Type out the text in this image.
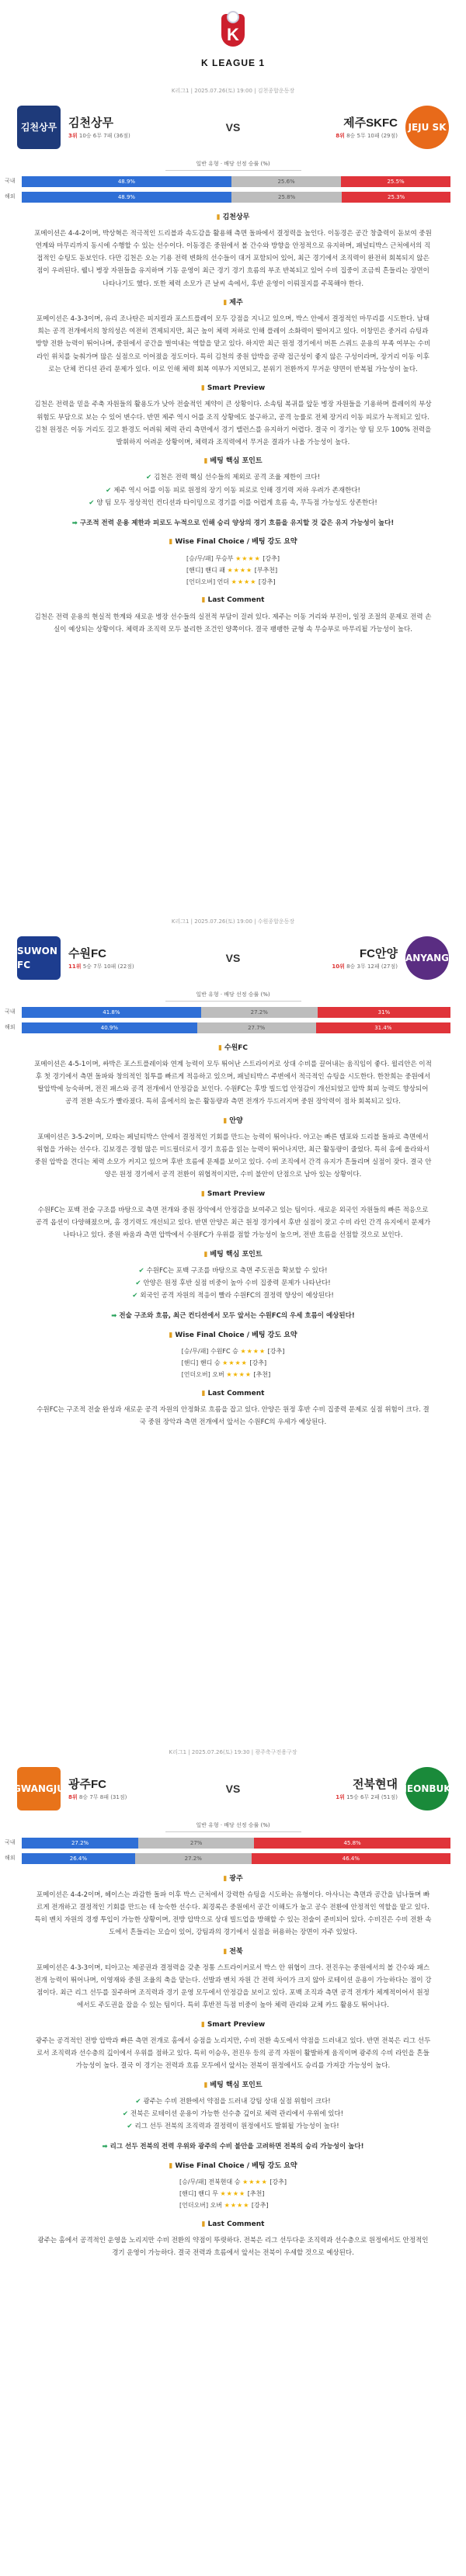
K
K LEAGUE 1
K리그1 | 2025.07.26(토) 19:00 | 김천종합운동장
김천상무 김천상무
3위 10승 6무 7패 (36점)
VS	제주SKFC
8위 8승 5무 10패 (29점)
JEJU SK
일반 유형 · 배당 선정 승률 (%)
국내	48.9%	25.6%	25.5%
해외	48.9%	25.8%	25.3%
▮ 김천상무
포메이션은 4-4-2이며, 박상혁은 적극적인 드리블과 속도감을 활용해 측면 돌파에서 결정력을 높인다. 이동경은 공간 창출력이 돋보여 중원 연계와 마무리까지 동시에 수행할 수 있는 선수이다. 이동경은 중원에서 볼 간수와 방향을 안정적으로 유지하며, 패널티박스 근처에서의 직접적인 슈팅도 돋보인다. 다만 김천은 오는 기용 전력 변화의 선수들이 대거 포함되어 있어, 최근 경기에서 조직력이 완전히 회복되지 않은 점이 우려된다. 웰니 병장 자원들을 유지하며 기동 운영이 최근 경기 경기 흐름의 부조 반복되고 있어 수비 집중이 조금씩 흔들리는 장면이 나타나기도 했다. 또한 체력 소모가 큰 날씨 속에서, 후반 운영이 이뤄질지를 주목해야 한다.
▮ 제주
포메이션은 4-3-3이며, 유리 조나탄은 피지컬과 포스트플레이 모두 강점을 지니고 있으며, 박스 안에서 결정적인 마무리를 시도한다. 남태희는 공격 전개에서의 창의성은 여전히 견제되지만, 최근 높이 체력 저하로 인해 플레이 소화력이 떨어지고 있다. 이창민은 중거리 슈팅과 방향 전환 능력이 뛰어나며, 중원에서 공간을 벌여내는 역할을 맡고 있다. 하지만 최근 원정 경기에서 버튼 스쿼드 운용의 부족 여부는 수비라인 위치를 늦춰가며 많은 실점으로 이어졌을 정도이다. 특히 김천의 중원 압박을 공략 접근성이 좋지 않은 구성이라며, 장거리 이동 이후로는 단체 컨디션 관리 문제가 있다. 이로 인해 체력 회복 여부가 지연되고, 분위기 전환까지 무거운 양면이 반복될 가능성이 높다.
▮ Smart Preview
김천은 전력을 믿을 주축 자원들의 활용도가 낮아 전술적인 제약이 큰 상황이다. 소속팀 복귀를 앞둔 병장 자원들을 기용하며 플레이의 부상 위험도 부담으로 보는 수 있어 변수다. 반면 제주 역시 어를 조직 상황에도 불구하고, 공격 능률로 전체 장거리 이동 피로가 누적되고 있다. 김천 원정은 이동 거리도 길고 환경도 어려워 체력 관리 측면에서 경기 밸런스를 유지하기 어렵다. 결국 이 경기는 양 팀 모두 100% 전력을 발휘하지 어려운 상황이며, 체력과 조직력에서 무거운 결과가 나올 가능성이 높다.
▮ 베팅 핵심 포인트
✔ 김천은 전력 핵심 선수들의 제외로 공격 조율 제한이 크다!
✔ 제주 역시 어를 이동 피로 원정의 장기 이동 피로로 인해 경기력 저하 우려가 존재한다!
✔ 양 팀 모두 정상적인 컨디션과 타이밍으로 경기를 이를 어렵게 흐름 속, 무득점 가능성도 상존한다!
➡ 구조적 전력 운용 제한과 피로도 누적으로 인해 승리 양상의 경기 흐름을 유지할 것 같은 유지 가능성이 높다!
▮ Wise Final Choice / 베팅 강도 요약
[승/무/패] 무승부 ★★★★ [강추]
[핸디] 핸디 패 ★★★★ [부추천]
[언더오버] 언더 ★★★★ [강추]
▮ Last Comment
김천은 전력 운용의 현실적 한계와 새로운 병장 선수들의 실전적 부담이 걸려 있다. 제주는 이동 거리와 부진이, 일정 조절의 문제로 전력 손실이 예상되는 상황이다. 체력과 조직력 모두 불리한 조건인 양쪽이다. 결국 팽팽한 균형 속 무승부로 마무리될 가능성이 높다.
K리그1 | 2025.07.26(토) 19:00 | 수원종합운동장
SUWON FC
수원FC
11위 5승 7무 10패 (22점)
VS	FC안양
10위 8승 3무 12패 (27점)
ANYANG
일반 유형 · 배당 선정 승률 (%)
국내	41.8%	27.2%	31%
해외	40.9%	27.7%	31.4%
▮ 수원FC
포메이션은 4-5-1이며, 싸박은 포스트플레이와 연계 능력이 모두 뛰어난 스트라이커로 상대 수비를 끌어내는 움직임이 좋다. 윌리안은 이적 후 첫 경기에서 측면 돌파와 창의적인 침투를 빠르게 적응하고 있으며, 패널티박스 주변에서 적극적인 슈팅을 시도한다. 한찬희는 중원에서 탈압박에 능숙하며, 전진 패스와 공격 전개에서 안정감을 보인다. 수원FC는 후방 빌드업 안정감이 개선되었고 압박 회피 능력도 향상되어 공격 전환 속도가 빨라졌다. 특히 홈에서의 높은 활동량과 측면 전개가 두드러지며 중원 장악력이 점차 회복되고 있다.
▮ 안양
포메이션은 3-5-2이며, 모따는 페널티박스 안에서 결정적인 기회를 만드는 능력이 뛰어나다. 야고는 빠른 템포와 드리블 돌파로 측면에서 위협을 가하는 선수다. 김보경은 경험 많은 미드필더로서 경기 흐름을 읽는 능력이 뛰어나지만, 최근 활동량이 줄었다. 특히 홈에 올라와서 중원 압박을 견디는 체력 소모가 커지고 있으며 후반 흐름에 문제를 보이고 있다. 수비 조직에서 간격 유지가 흔들리며 실점이 잦다. 결국 안양은 원정 경기에서 공격 전환이 위협적이지만, 수비 불안이 단점으로 남아 있는 상황이다.
▮ Smart Preview
수원FC는 포백 전술 구조를 바탕으로 측면 전개와 중원 장악에서 안정감을 보여주고 있는 팀이다. 새로운 외국인 자원들의 빠른 적응으로 공격 옵션이 다양해졌으며, 홈 경기력도 개선되고 있다. 반면 안양은 최근 원정 경기에서 후반 실점이 잦고 수비 라인 간격 유지에서 문제가 나타나고 있다. 중원 싸움과 측면 압박에서 수원FC가 우위를 점할 가능성이 높으며, 전반 흐름을 선점할 것으로 보인다.
▮ 베팅 핵심 포인트
✔ 수원FC는 포백 구조를 바탕으로 측면 주도권을 확보할 수 있다!
✔ 안양은 원정 후반 실점 비중이 높아 수비 집중력 문제가 나타난다!
✔ 외국인 공격 자원의 적응이 빨라 수원FC의 결정력 향상이 예상된다!
➡ 전술 구조와 흐름, 최근 컨디션에서 모두 앞서는 수원FC의 우세 흐름이 예상된다!
▮ Wise Final Choice / 베팅 강도 요약
[승/무/패] 수원FC 승 ★★★★ [강추]
[핸디] 핸디 승 ★★★★ [강추]
[언더오버] 오버 ★★★★ [추천]
▮ Last Comment
수원FC는 구조적 전술 완성과 새로운 공격 자원의 안정화로 흐름을 잡고 있다. 안양은 원정 후반 수비 집중력 문제로 실점 위험이 크다. 결국 중원 장악과 측면 전개에서 앞서는 수원FC의 우세가 예상된다.
K리그1 | 2025.07.26(토) 19:30 | 광주축구전용구장
GWANGJU 광주FC
8위 8승 7무 8패 (31점)
VS	전북현대
1위 15승 6무 2패 (51점)
JEONBUK
일반 유형 · 배당 선정 승률 (%)
국내	27.2%	27%	45.8%
해외	26.4%	27.2%	46.4%
▮ 광주
포메이션은 4-4-2이며, 헤이스는 과감한 돌파 이후 박스 근처에서 강력한 슈팅을 시도하는 유형이다. 아사니는 측면과 공간을 넘나들며 빠르게 전개하고 결정적인 기회를 만드는 데 능숙한 선수다. 최경록은 중원에서 공간 이해도가 높고 공수 전환에 안정적인 역할을 맡고 있다. 특히 벤치 자원의 경쟁 투입이 가능한 상황이며, 전방 압박으로 상대 빌드업을 방해할 수 있는 전술이 준비되어 있다. 수비진은 수비 전환 속도에서 흔들리는 모습이 있어, 강팀과의 경기에서 실점을 허용하는 장면이 자주 있었다.
▮ 전북
포메이션은 4-3-3이며, 티아고는 제공권과 결정력을 갖춘 정통 스트라이커로서 박스 안 위협이 크다. 전진우는 중원에서의 볼 간수와 패스 전개 능력이 뛰어나며, 이영재와 중원 조율의 축을 맡는다. 선발과 벤치 자원 간 전력 차이가 크지 않아 로테이션 운용이 가능하다는 점이 강점이다. 최근 리그 선두를 질주하며 조직력과 경기 운영 모두에서 안정감을 보이고 있다. 포백 조직과 측면 공격 전개가 체계적이어서 원정에서도 주도권을 잡을 수 있는 팀이다. 특히 후반전 득점 비중이 높아 체력 관리와 교체 카드 활용도 뛰어나다.
▮ Smart Preview
광주는 공격적인 전방 압박과 빠른 측면 전개로 홈에서 승점을 노리지만, 수비 전환 속도에서 약점을 드러내고 있다. 반면 전북은 리그 선두로서 조직력과 선수층의 깊이에서 우위를 점하고 있다. 특히 이승우, 전진우 등의 공격 자원이 활발하게 움직이며 광주의 수비 라인을 흔들 가능성이 높다. 결국 이 경기는 전력과 흐름 모두에서 앞서는 전북이 원정에서도 승리를 가져갈 가능성이 높다.
▮ 베팅 핵심 포인트
✔ 광주는 수비 전환에서 약점을 드러내 강팀 상대 실점 위험이 크다!
✔ 전북은 로테이션 운용이 가능한 선수층 깊이로 체력 관리에서 우위에 있다!
✔ 리그 선두 전북의 조직력과 결정력이 원정에서도 발휘될 가능성이 높다!
➡ 리그 선두 전북의 전력 우위와 광주의 수비 불안을 고려하면 전북의 승리 가능성이 높다!
▮ Wise Final Choice / 베팅 강도 요약
[승/무/패] 전북현대 승 ★★★★ [강추]
[핸디] 핸디 무 ★★★★ [추천]
[언더오버] 오버 ★★★★ [강추]
▮ Last Comment
광주는 홈에서 공격적인 운영을 노리지만 수비 전환의 약점이 뚜렷하다. 전북은 리그 선두다운 조직력과 선수층으로 원정에서도 안정적인 경기 운영이 가능하다. 결국 전력과 흐름에서 앞서는 전북이 우세할 것으로 예상된다.
